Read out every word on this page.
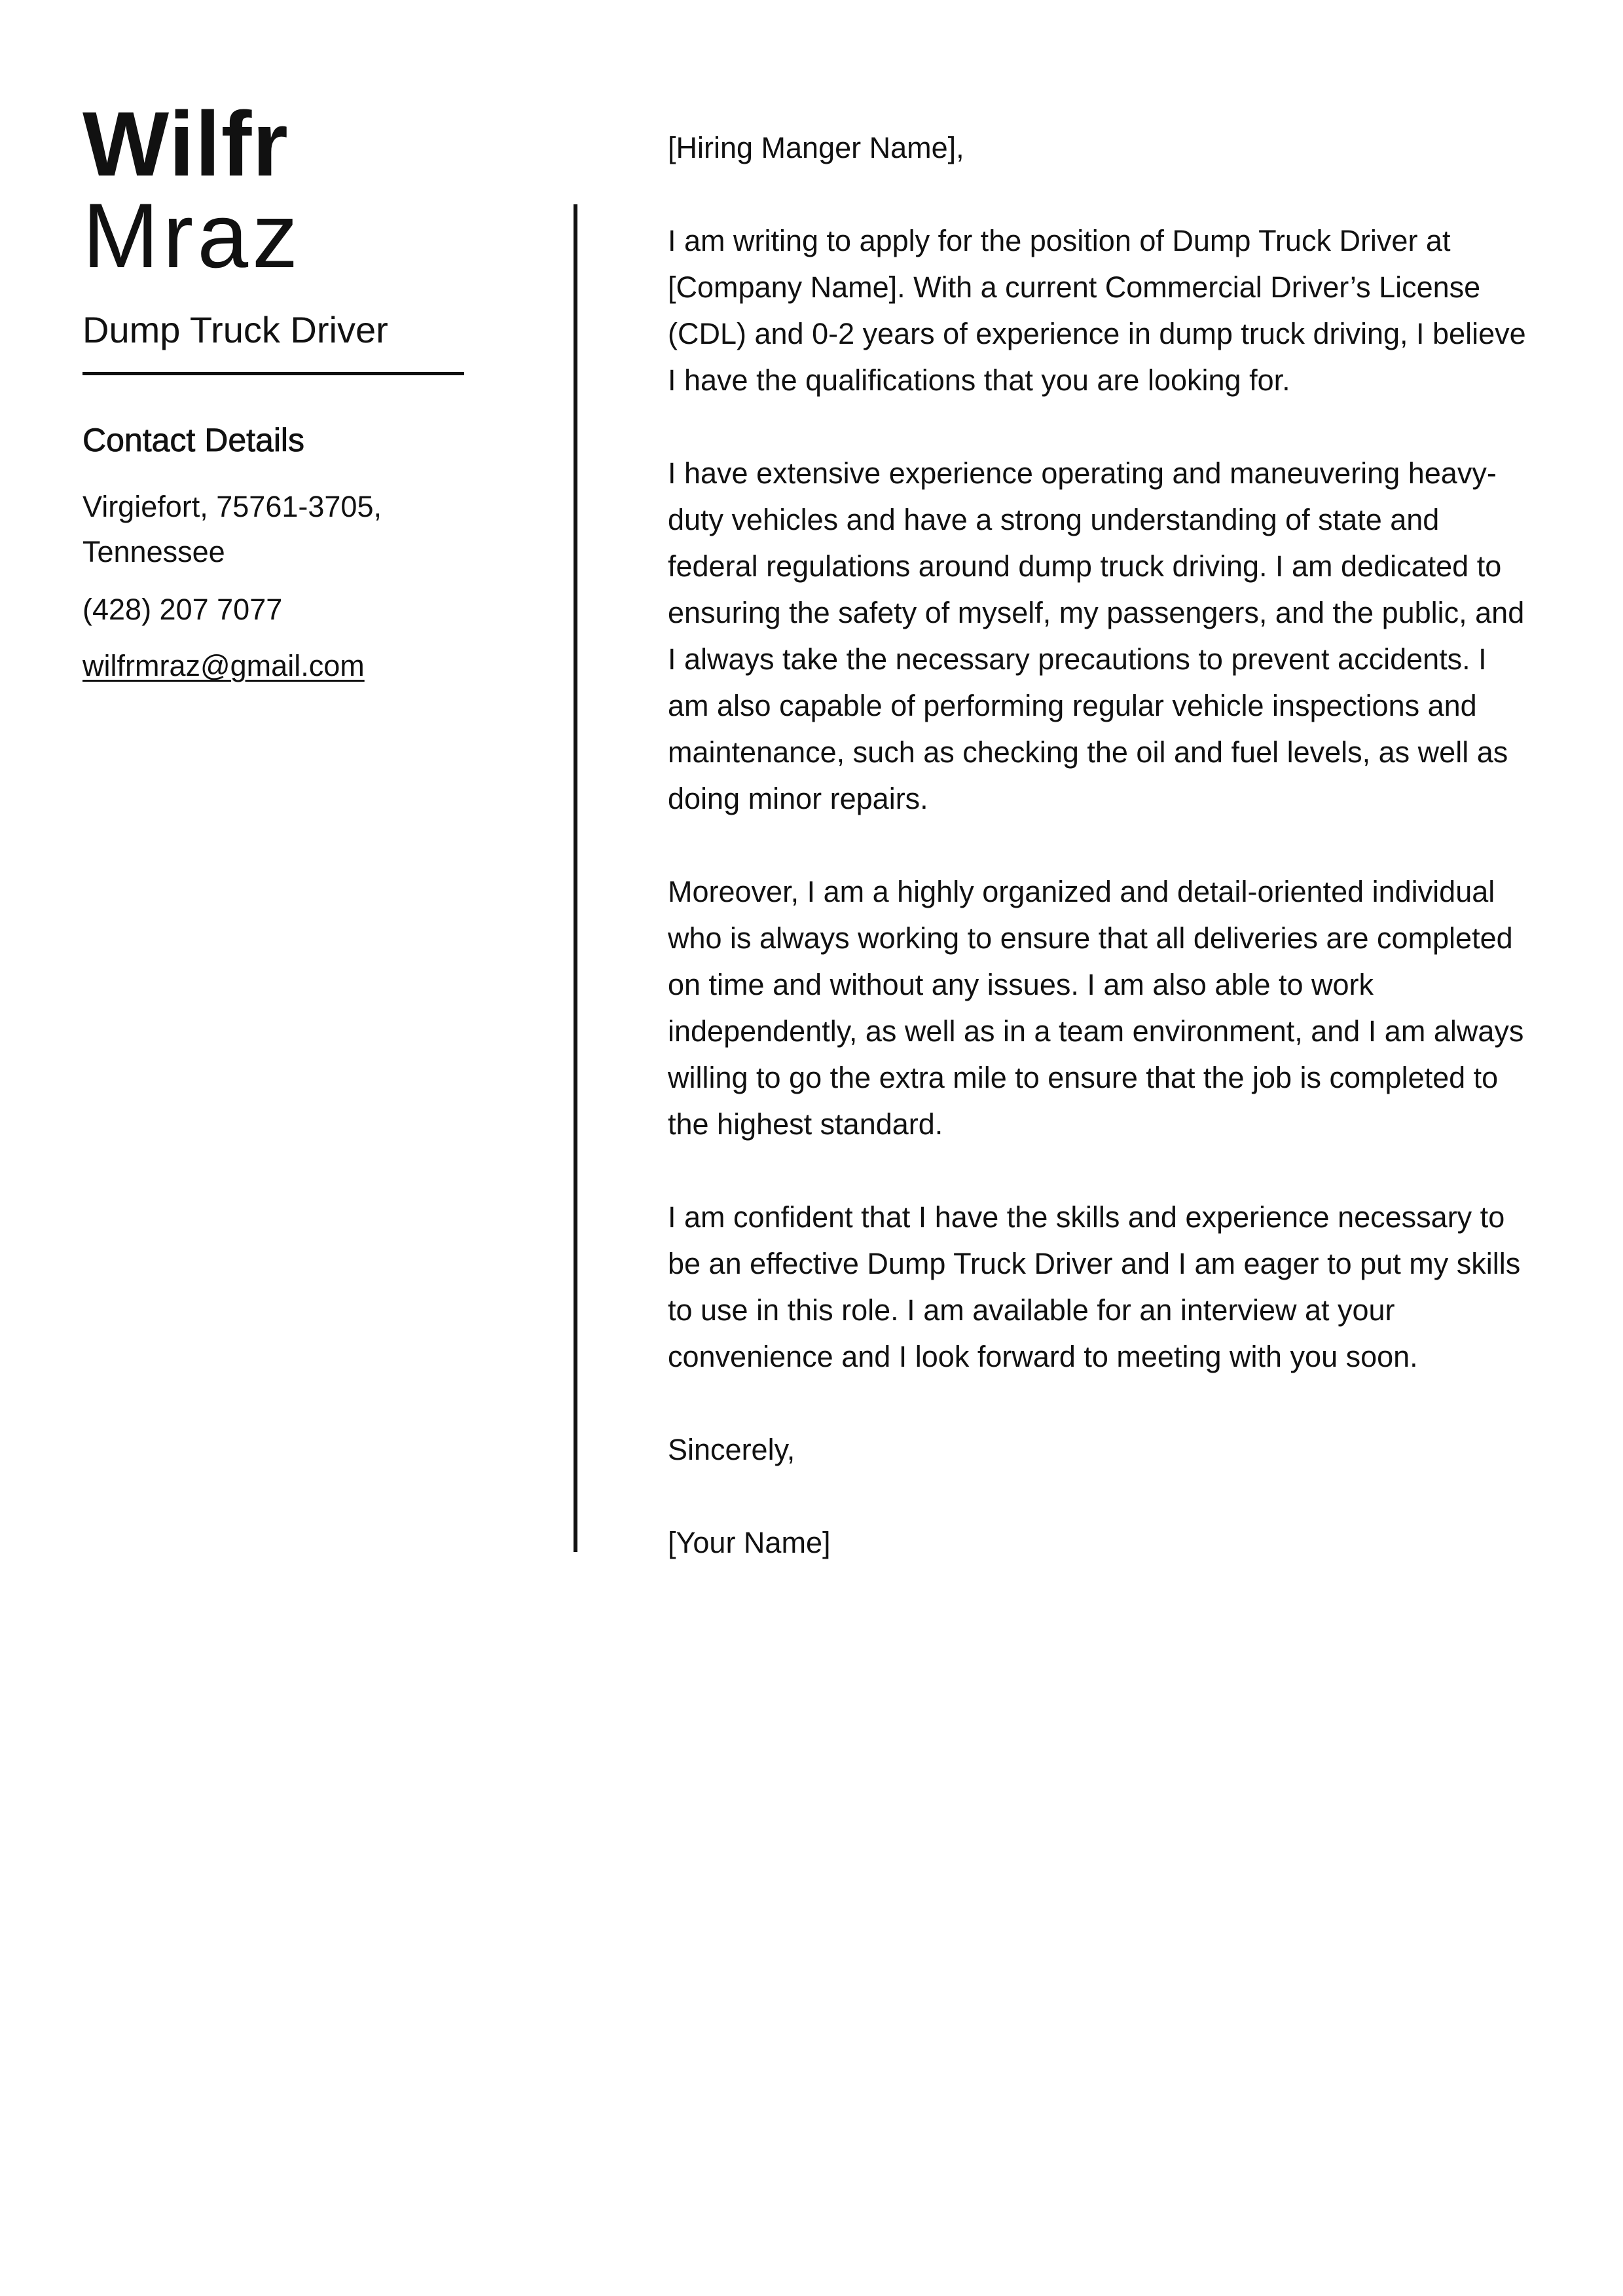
Wilfr
Mraz
Dump Truck Driver
Contact Details
Virgiefort, 75761-3705,
Tennessee
(428) 207 7077
wilfrmraz@gmail.com

[Hiring Manger Name],

I am writing to apply for the position of Dump Truck Driver at [Company Name]. With a current Commercial Driver’s License (CDL) and 0-2 years of experience in dump truck driving, I believe I have the qualifications that you are looking for.

I have extensive experience operating and maneuvering heavy-duty vehicles and have a strong understanding of state and federal regulations around dump truck driving. I am dedicated to ensuring the safety of myself, my passengers, and the public, and I always take the necessary precautions to prevent accidents. I am also capable of performing regular vehicle inspections and maintenance, such as checking the oil and fuel levels, as well as doing minor repairs.

Moreover, I am a highly organized and detail-oriented individual who is always working to ensure that all deliveries are completed on time and without any issues. I am also able to work independently, as well as in a team environment, and I am always willing to go the extra mile to ensure that the job is completed to the highest standard.

I am confident that I have the skills and experience necessary to be an effective Dump Truck Driver and I am eager to put my skills to use in this role. I am available for an interview at your convenience and I look forward to meeting with you soon.

Sincerely,

[Your Name]
